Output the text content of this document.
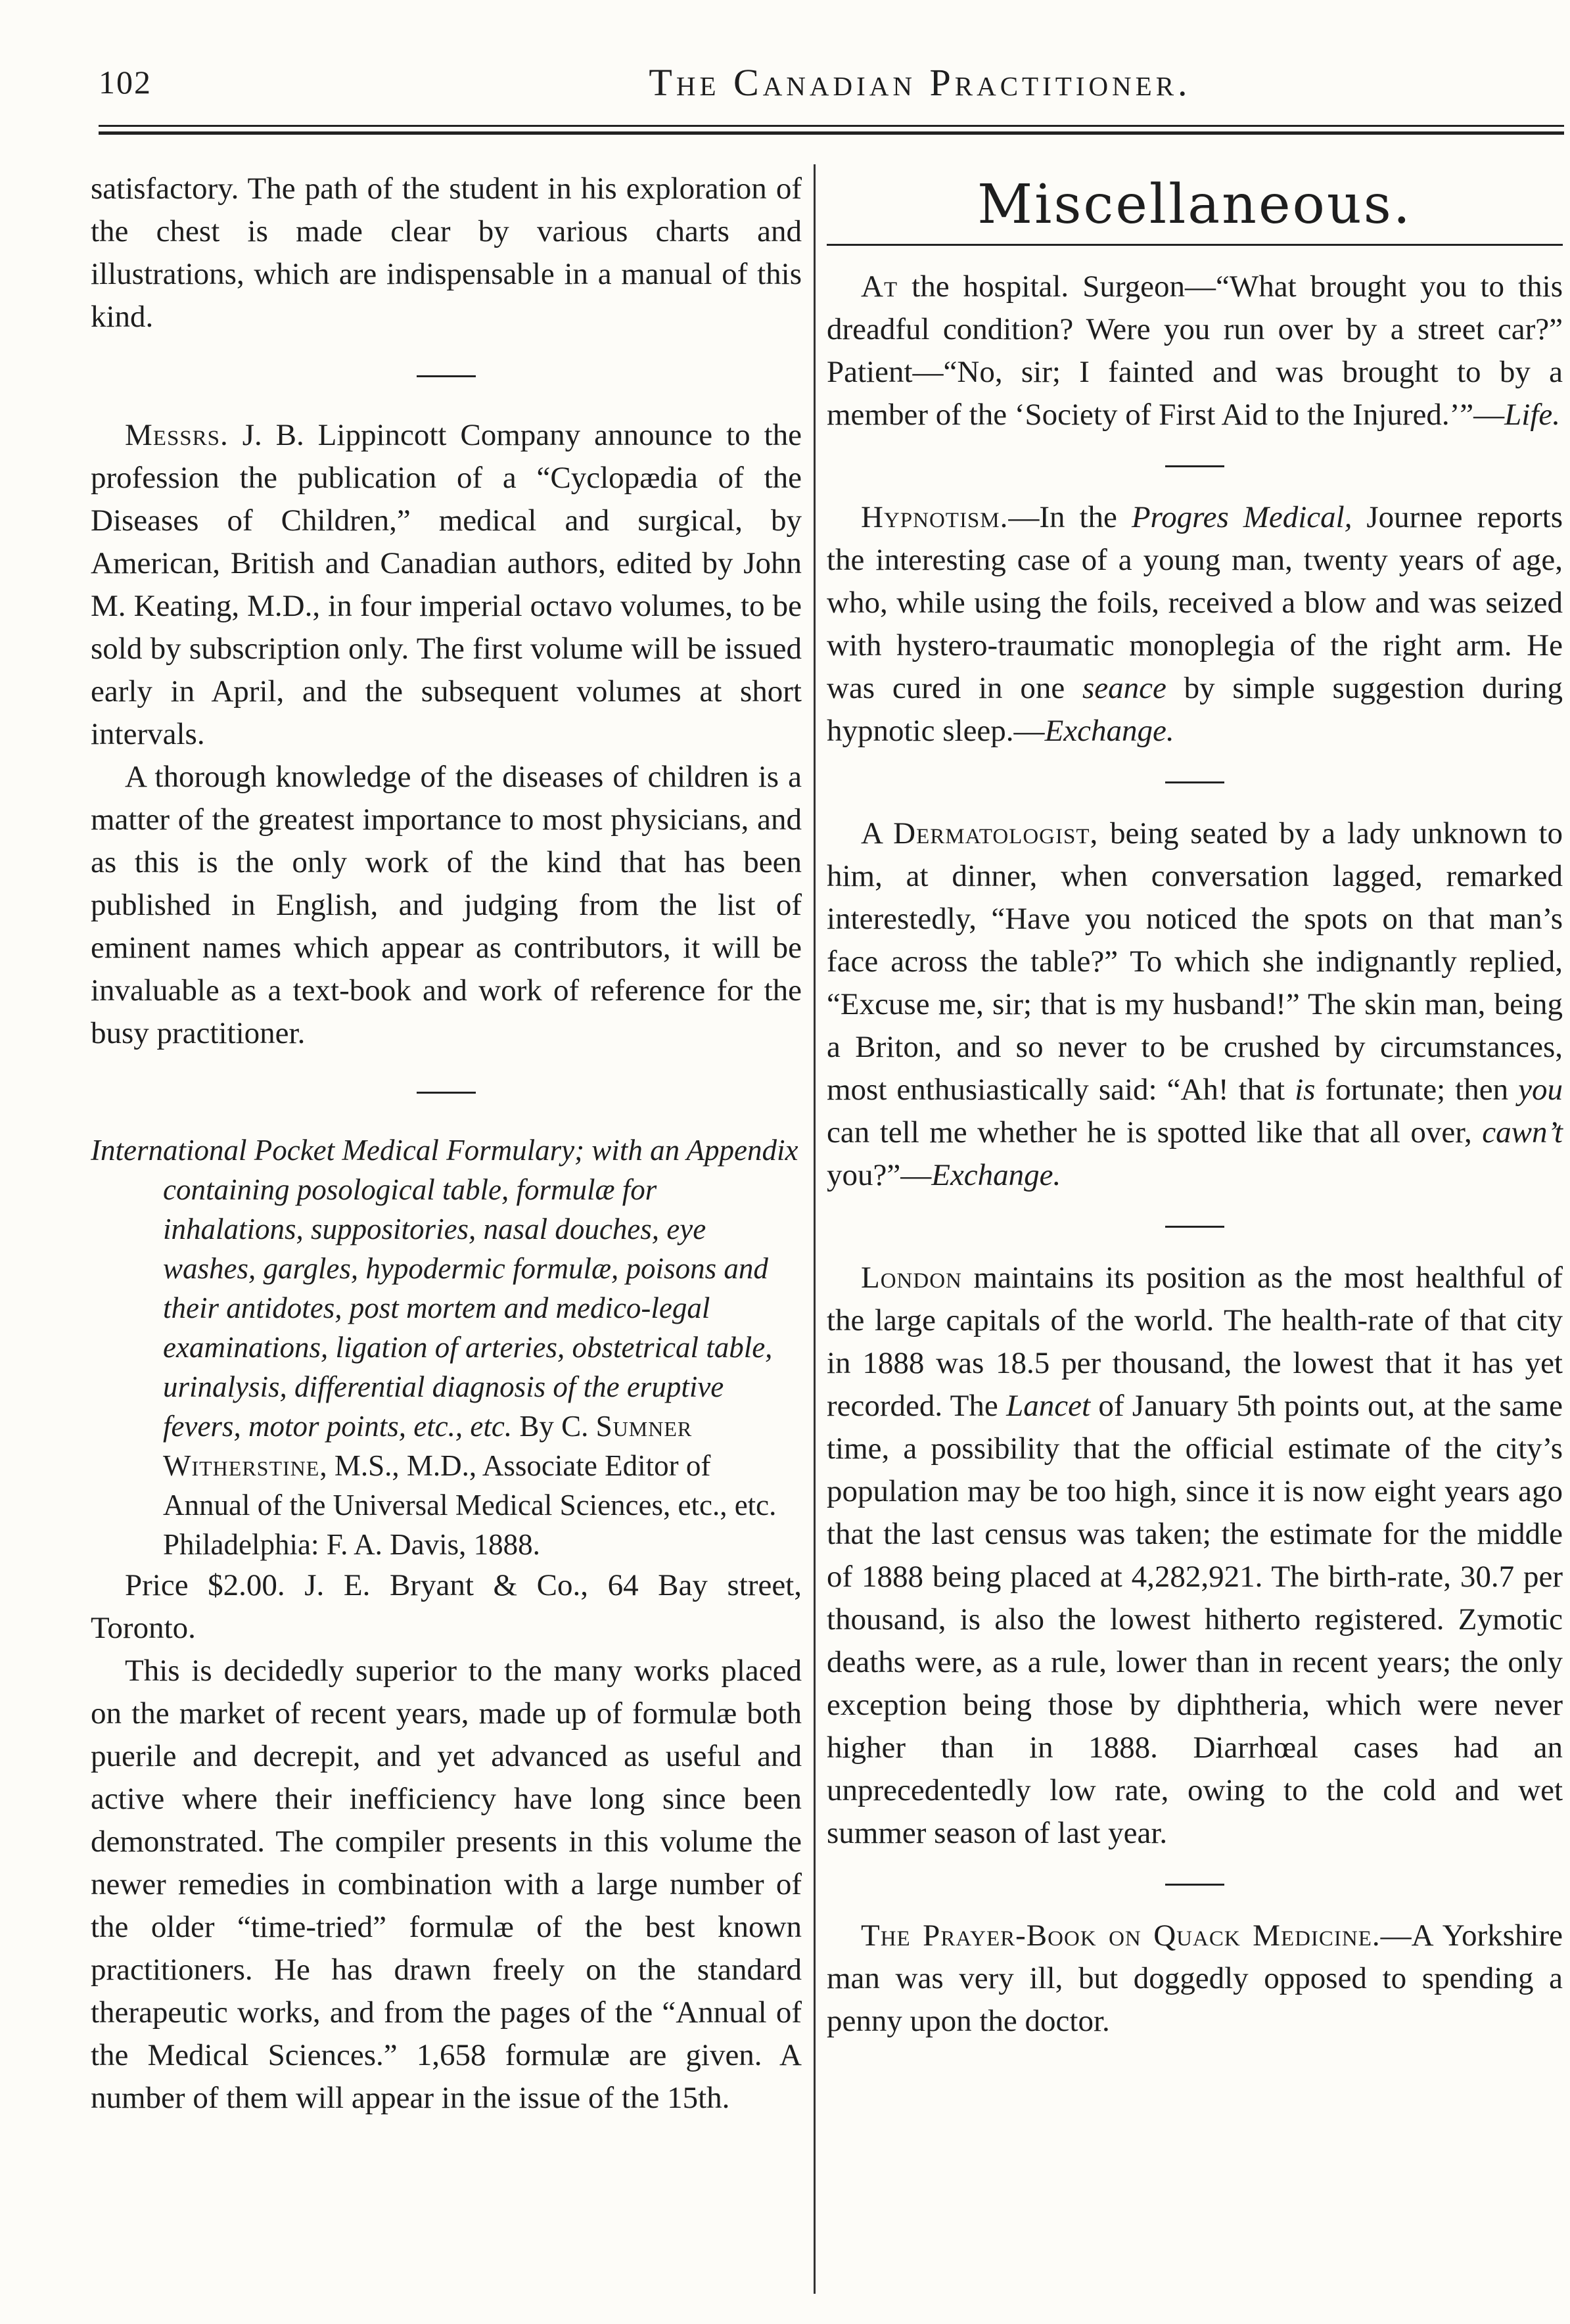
102	The Canadian Practitioner.

satisfactory. The path of the student in his exploration of the chest is made clear by various charts and illustrations, which are indispensable in a manual of this kind.

Messrs. J. B. Lippincott Company announce to the profession the publication of a “Cyclopædia of the Diseases of Children,” medical and surgical, by American, British and Canadian authors, edited by John M. Keating, M.D., in four imperial octavo volumes, to be sold by subscription only. The first volume will be issued early in April, and the subsequent volumes at short intervals.

A thorough knowledge of the diseases of children is a matter of the greatest importance to most physicians, and as this is the only work of the kind that has been published in English, and judging from the list of eminent names which appear as contributors, it will be invaluable as a text-book and work of reference for the busy practitioner.

International Pocket Medical Formulary; with an Appendix containing posological table, formulæ for inhalations, suppositories, nasal douches, eye washes, gargles, hypodermic formulæ, poisons and their antidotes, post mortem and medico-legal examinations, ligation of arteries, obstetrical table, urinalysis, differential diagnosis of the eruptive fevers, motor points, etc., etc. By C. Sumner Witherstine, M.S., M.D., Associate Editor of Annual of the Universal Medical Sciences, etc., etc. Philadelphia: F. A. Davis, 1888.

Price $2.00. J. E. Bryant & Co., 64 Bay street, Toronto.

This is decidedly superior to the many works placed on the market of recent years, made up of formulæ both puerile and decrepit, and yet advanced as useful and active where their inefficiency have long since been demonstrated. The compiler presents in this volume the newer remedies in combination with a large number of the older “time-tried” formulæ of the best known practitioners. He has drawn freely on the standard therapeutic works, and from the pages of the “Annual of the Medical Sciences.” 1,658 formulæ are given. A number of them will appear in the issue of the 15th.

Miscellaneous.

At the hospital. Surgeon—“What brought you to this dreadful condition? Were you run over by a street car?” Patient—“No, sir; I fainted and was brought to by a member of the ‘Society of First Aid to the Injured.’”—Life.

Hypnotism.—In the Progres Medical, Journee reports the interesting case of a young man, twenty years of age, who, while using the foils, received a blow and was seized with hystero-traumatic monoplegia of the right arm. He was cured in one seance by simple suggestion during hypnotic sleep.—Exchange.

A Dermatologist, being seated by a lady unknown to him, at dinner, when conversation lagged, remarked interestedly, “Have you noticed the spots on that man’s face across the table?” To which she indignantly replied, “Excuse me, sir; that is my husband!” The skin man, being a Briton, and so never to be crushed by circumstances, most enthusiastically said: “Ah! that is fortunate; then you can tell me whether he is spotted like that all over, cawn’t you?”—Exchange.

London maintains its position as the most healthful of the large capitals of the world. The health-rate of that city in 1888 was 18.5 per thousand, the lowest that it has yet recorded. The Lancet of January 5th points out, at the same time, a possibility that the official estimate of the city’s population may be too high, since it is now eight years ago that the last census was taken; the estimate for the middle of 1888 being placed at 4,282,921. The birth-rate, 30.7 per thousand, is also the lowest hitherto registered. Zymotic deaths were, as a rule, lower than in recent years; the only exception being those by diphtheria, which were never higher than in 1888. Diarrhœal cases had an unprecedentedly low rate, owing to the cold and wet summer season of last year.

The Prayer-Book on Quack Medicine.—A Yorkshire man was very ill, but doggedly opposed to spending a penny upon the doctor.
